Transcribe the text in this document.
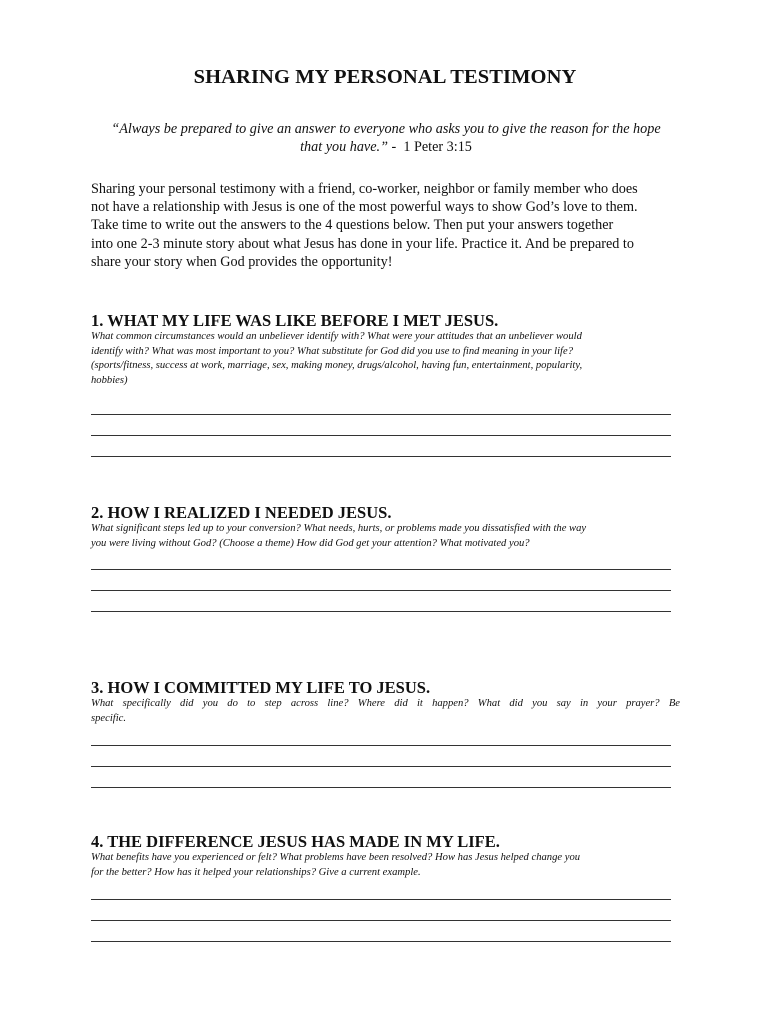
SHARING MY PERSONAL TESTIMONY
“Always be prepared to give an answer to everyone who asks you to give the reason for the hope
that you have.” -  1 Peter 3:15
Sharing your personal testimony with a friend, co-worker, neighbor or family member who does
not have a relationship with Jesus is one of the most powerful ways to show God’s love to them.
Take time to write out the answers to the 4 questions below. Then put your answers together
into one 2-3 minute story about what Jesus has done in your life. Practice it. And be prepared to
share your story when God provides the opportunity!
1. WHAT MY LIFE WAS LIKE BEFORE I MET JESUS.
What common circumstances would an unbeliever identify with? What were your attitudes that an unbeliever would
identify with? What was most important to you? What substitute for God did you use to find meaning in your life?
(sports/fitness, success at work, marriage, sex, making money, drugs/alcohol, having fun, entertainment, popularity,
hobbies)
2. HOW I REALIZED I NEEDED JESUS.
What significant steps led up to your conversion? What needs, hurts, or problems made you dissatisfied with the way
you were living without God? (Choose a theme) How did God get your attention? What motivated you?
3. HOW I COMMITTED MY LIFE TO JESUS.
What specifically did you do to step across line? Where did it happen? What did you say in your prayer? Be
specific.
4. THE DIFFERENCE JESUS HAS MADE IN MY LIFE.
What benefits have you experienced or felt? What problems have been resolved? How has Jesus helped change you
for the better? How has it helped your relationships? Give a current example.
